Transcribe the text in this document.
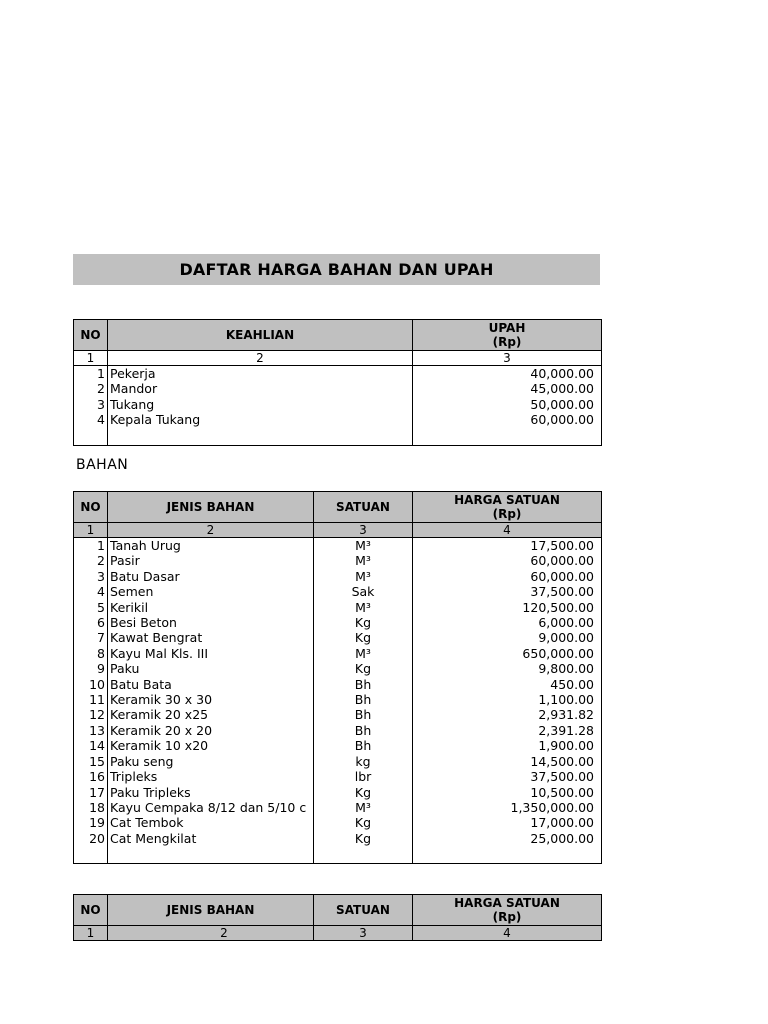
DAFTAR HARGA BAHAN DAN UPAH
NO	KEAHLIAN	UPAH
(Rp)

1	2	3
1	Pekerja	40,000.00
2	Mandor	45,000.00
3	Tukang	50,000.00
4	Kepala Tukang	60,000.00

BAHAN
NO	JENIS BAHAN	SATUAN	HARGA SATUAN
(Rp)

1	2	3	4
1	Tanah Urug	M³	17,500.00
2	Pasir	M³	60,000.00
3	Batu Dasar	M³	60,000.00
4	Semen	Sak	37,500.00
5	Kerikil	M³	120,500.00
6	Besi Beton	Kg	6,000.00
7	Kawat Bengrat	Kg	9,000.00
8	Kayu Mal Kls. III	M³	650,000.00
9	Paku	Kg	9,800.00
10	Batu Bata	Bh	450.00
11	Keramik 30 x 30	Bh	1,100.00
12	Keramik 20 x25	Bh	2,931.82
13	Keramik 20 x 20	Bh	2,391.28
14	Keramik 10 x20	Bh	1,900.00
15	Paku seng	kg	14,500.00
16	Tripleks	lbr	37,500.00
17	Paku Tripleks	Kg	10,500.00
18	Kayu Cempaka 8/12 dan 5/10 c	M³	1,350,000.00
19	Cat Tembok	Kg	17,000.00
20	Cat Mengkilat	Kg	25,000.00

NO	JENIS BAHAN	SATUAN	HARGA SATUAN
(Rp)

1	2	3	4
